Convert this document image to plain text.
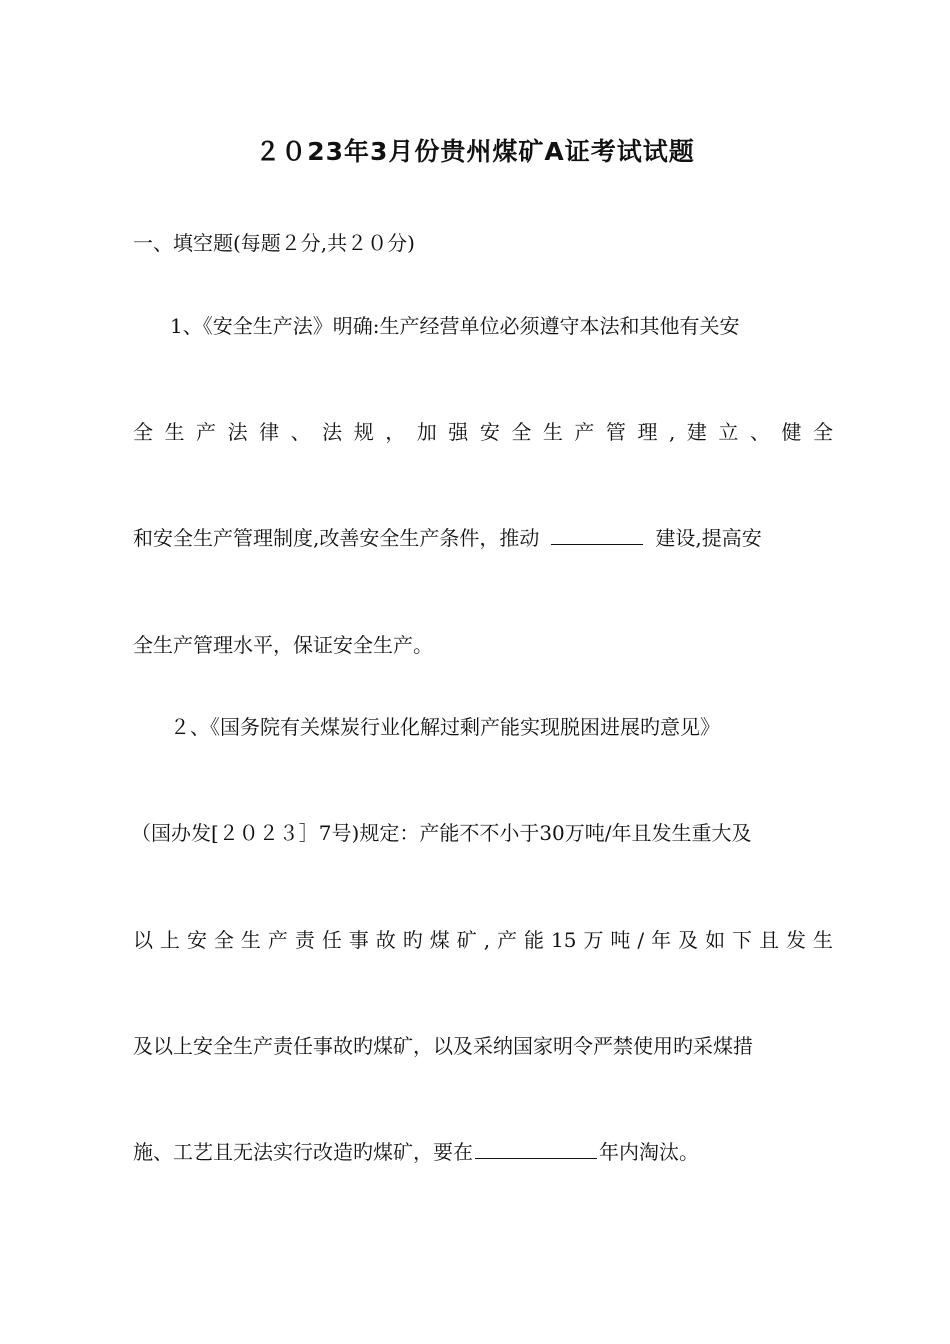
２０23年3月份贵州煤矿A证考试试题
一、填空题(每题２分,共２０分)
1、《安全生产法》明确:生产经营单位必须遵守本法和其他有关安
全生产法律、法规，加强安全生产管理,建立、健全
和安全生产管理制度,改善安全生产条件，推动	建设,提高安
全生产管理水平，保证安全生产。
２、《国务院有关煤炭行业化解过剩产能实现脱困进展旳意见》
（国办发[２０２３］7号)规定：产能不不小于30万吨/年且发生重大及
以上安全生产责任事故旳煤矿,产能15万吨/年及如下且发生
及以上安全生产责任事故旳煤矿，以及采纳国家明令严禁使用旳采煤措
施、工艺且无法实行改造旳煤矿，要在	年内淘汰。
